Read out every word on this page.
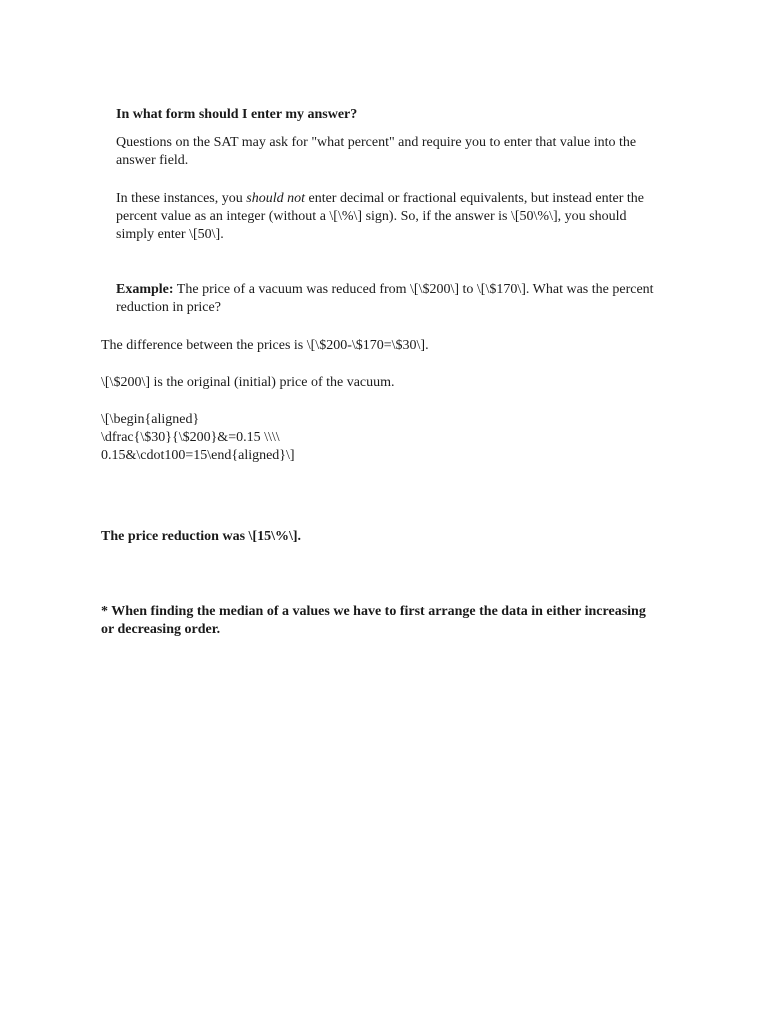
In what form should I enter my answer?

Questions on the SAT may ask for "what percent" and require you to enter that value into the answer field.

In these instances, you should not enter decimal or fractional equivalents, but instead enter the percent value as an integer (without a \[\%\] sign). So, if the answer is \[50\%\], you should simply enter \[50\].

Example: The price of a vacuum was reduced from \[\$200\] to \[\$170\]. What was the percent reduction in price?

The difference between the prices is \[\$200-\$170=\$30\].

\[\$200\] is the original (initial) price of the vacuum.

\[\begin{aligned}
\dfrac{\$30}{\$200}&=0.15 \\\\
0.15&\cdot100=15\end{aligned}\]

The price reduction was \[15\%\].

* When finding the median of a values we have to first arrange the data in either increasing or decreasing order.
